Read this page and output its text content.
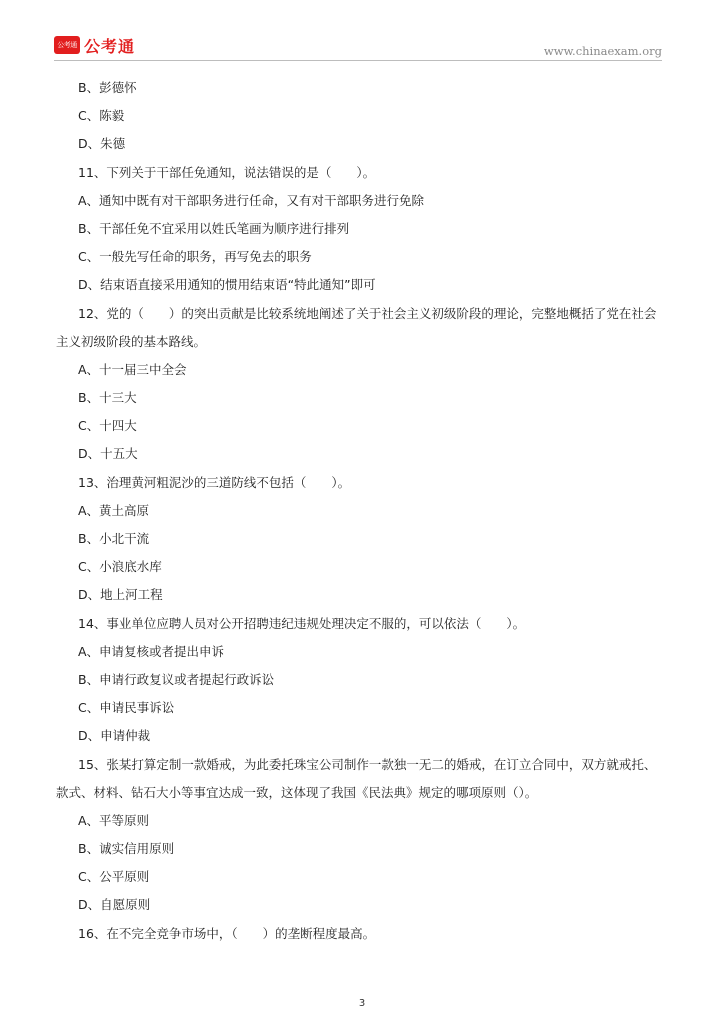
公考通 公考通	www.chinaexam.org
B、彭德怀
C、陈毅
D、朱德
11、下列关于干部任免通知，说法错误的是（　　）。
A、通知中既有对干部职务进行任命，又有对干部职务进行免除
B、干部任免不宜采用以姓氏笔画为顺序进行排列
C、一般先写任命的职务，再写免去的职务
D、结束语直接采用通知的惯用结束语“特此通知”即可
12、党的（　　）的突出贡献是比较系统地阐述了关于社会主义初级阶段的理论，完整地概括了党在社会
主义初级阶段的基本路线。
A、十一届三中全会
B、十三大
C、十四大
D、十五大
13、治理黄河粗泥沙的三道防线不包括（　　）。
A、黄土高原
B、小北干流
C、小浪底水库
D、地上河工程
14、事业单位应聘人员对公开招聘违纪违规处理决定不服的，可以依法（　　）。
A、申请复核或者提出申诉
B、申请行政复议或者提起行政诉讼
C、申请民事诉讼
D、申请仲裁
15、张某打算定制一款婚戒，为此委托珠宝公司制作一款独一无二的婚戒，在订立合同中，双方就戒托、
款式、材料、钻石大小等事宜达成一致，这体现了我国《民法典》规定的哪项原则（）。
A、平等原则
B、诚实信用原则
C、公平原则
D、自愿原则
16、在不完全竞争市场中，（　　）的垄断程度最高。
3
